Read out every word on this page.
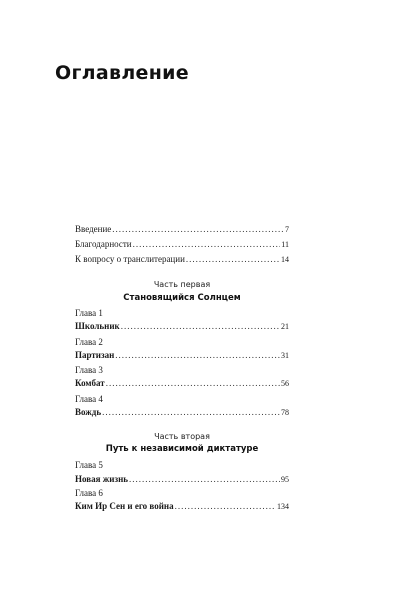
Оглавление
Введение .....	7
Благодарности .....	11
К вопросу о транслитерации .....	14
Часть первая
Становящийся Солнцем
Глава 1
Школьник .....	21
Глава 2
Партизан .....	31
Глава 3
Комбат .....	56
Глава 4
Вождь .....	78
Часть вторая
Путь к независимой диктатуре
Глава 5
Новая жизнь .....	95
Глава 6
Ким Ир Сен и его война .....	134
